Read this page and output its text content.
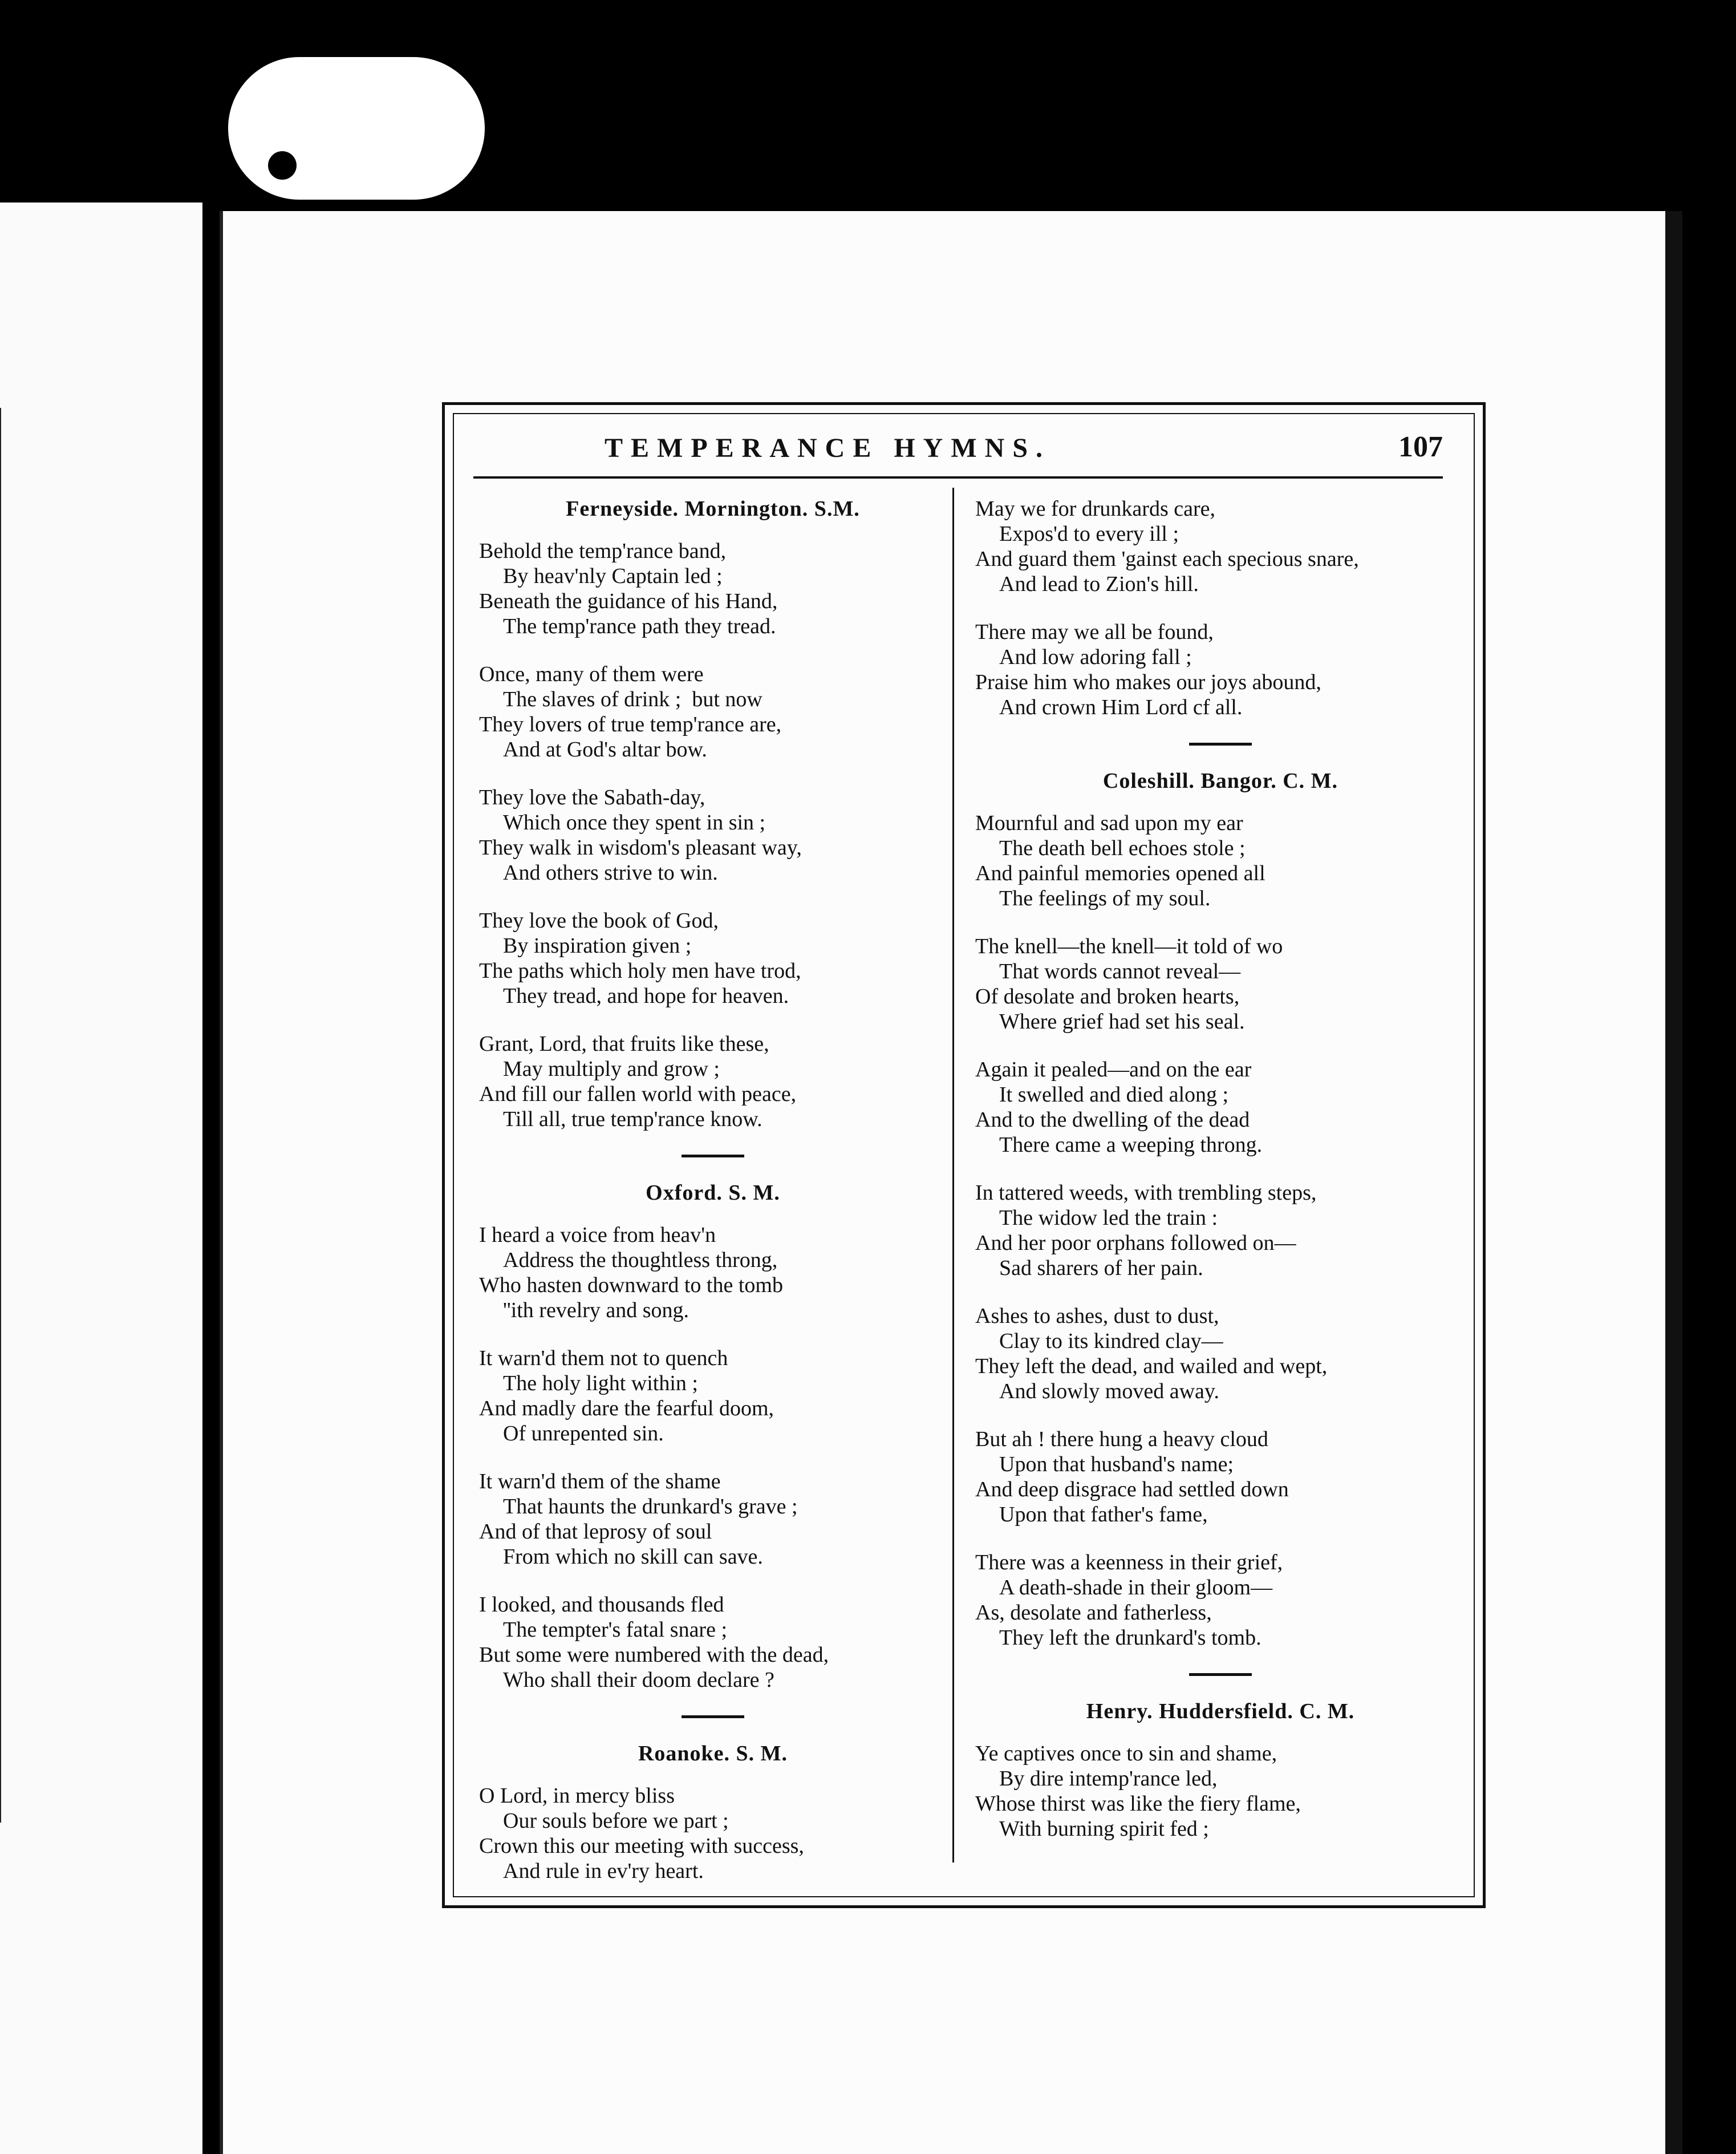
TEMPERANCE HYMNS.	107
Ferneyside. Mornington. S.M.
Behold the temp'rance band,
By heav'nly Captain led ;
Beneath the guidance of his Hand,
The temp'rance path they tread.
Once, many of them were
The slaves of drink ;  but now
They lovers of true temp'rance are,
And at God's altar bow.
They love the Sabath-day,
Which once they spent in sin ;
They walk in wisdom's pleasant way,
And others strive to win.
They love the book of God,
By inspiration given ;
The paths which holy men have trod,
They tread, and hope for heaven.
Grant, Lord, that fruits like these,
May multiply and grow ;
And fill our fallen world with peace,
Till all, true temp'rance know.
Oxford. S. M.
I heard a voice from heav'n
Address the thoughtless throng,
Who hasten downward to the tomb
''ith revelry and song.
It warn'd them not to quench
The holy light within ;
And madly dare the fearful doom,
Of unrepented sin.
It warn'd them of the shame
That haunts the drunkard's grave ;
And of that leprosy of soul
From which no skill can save.
I looked, and thousands fled
The tempter's fatal snare ;
But some were numbered with the dead,
Who shall their doom declare ?
Roanoke. S. M.
O Lord, in mercy bliss
Our souls before we part ;
Crown this our meeting with success,
And rule in ev'ry heart.
May we for drunkards care,
Expos'd to every ill ;
And guard them 'gainst each specious snare,
And lead to Zion's hill.
There may we all be found,
And low adoring fall ;
Praise him who makes our joys abound,
And crown Him Lord cf all.
Coleshill. Bangor. C. M.
Mournful and sad upon my ear
The death bell echoes stole ;
And painful memories opened all
The feelings of my soul.
The knell—the knell—it told of wo
That words cannot reveal—
Of desolate and broken hearts,
Where grief had set his seal.
Again it pealed—and on the ear
It swelled and died along ;
And to the dwelling of the dead
There came a weeping throng.
In tattered weeds, with trembling steps,
The widow led the train :
And her poor orphans followed on—
Sad sharers of her pain.
Ashes to ashes, dust to dust,
Clay to its kindred clay—
They left the dead, and wailed and wept,
And slowly moved away.
But ah ! there hung a heavy cloud
Upon that husband's name;
And deep disgrace had settled down
Upon that father's fame,
There was a keenness in their grief,
A death-shade in their gloom—
As, desolate and fatherless,
They left the drunkard's tomb.
Henry. Huddersfield. C. M.
Ye captives once to sin and shame,
By dire intemp'rance led,
Whose thirst was like the fiery flame,
With burning spirit fed ;
